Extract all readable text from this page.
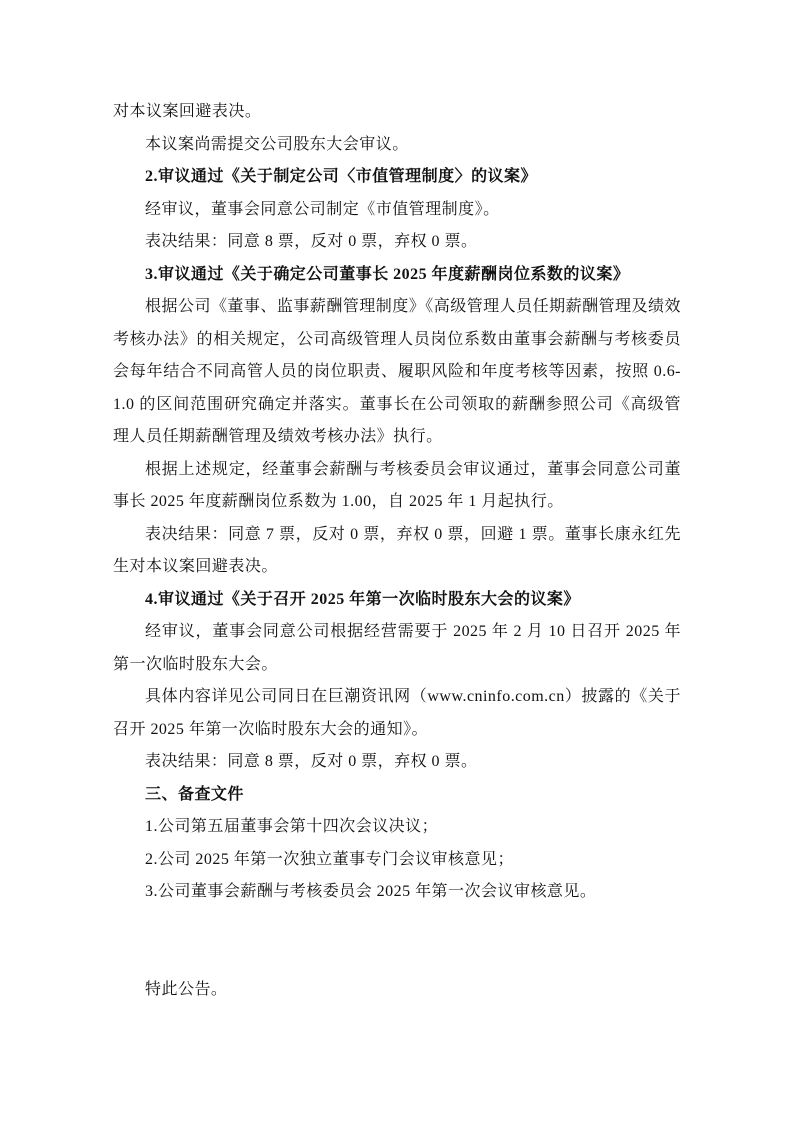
对本议案回避表决。

本议案尚需提交公司股东大会审议。

2.审议通过《关于制定公司〈市值管理制度〉的议案》

经审议，董事会同意公司制定《市值管理制度》。

表决结果：同意 8 票，反对 0 票，弃权 0 票。

3.审议通过《关于确定公司董事长 2025 年度薪酬岗位系数的议案》

根据公司《董事、监事薪酬管理制度》《高级管理人员任期薪酬管理及绩效考核办法》的相关规定，公司高级管理人员岗位系数由董事会薪酬与考核委员会每年结合不同高管人员的岗位职责、履职风险和年度考核等因素，按照 0.6-1.0 的区间范围研究确定并落实。董事长在公司领取的薪酬参照公司《高级管理人员任期薪酬管理及绩效考核办法》执行。

根据上述规定，经董事会薪酬与考核委员会审议通过，董事会同意公司董事长 2025 年度薪酬岗位系数为 1.00，自 2025 年 1 月起执行。

表决结果：同意 7 票，反对 0 票，弃权 0 票，回避 1 票。董事长康永红先生对本议案回避表决。

4.审议通过《关于召开 2025 年第一次临时股东大会的议案》

经审议，董事会同意公司根据经营需要于 2025 年 2 月 10 日召开 2025 年第一次临时股东大会。

具体内容详见公司同日在巨潮资讯网（www.cninfo.com.cn）披露的《关于召开 2025 年第一次临时股东大会的通知》。

表决结果：同意 8 票，反对 0 票，弃权 0 票。

三、备查文件

1.公司第五届董事会第十四次会议决议；

2.公司 2025 年第一次独立董事专门会议审核意见；

3.公司董事会薪酬与考核委员会 2025 年第一次会议审核意见。

特此公告。
